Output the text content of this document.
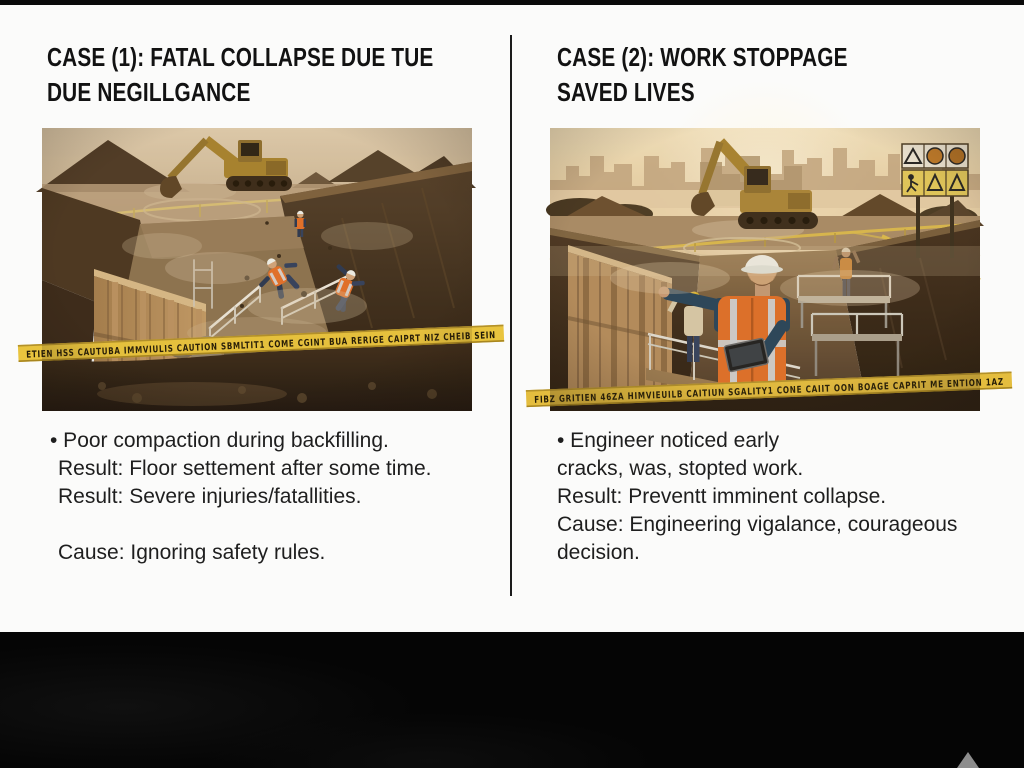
CASE (1): FATAL COLLAPSE DUE TUE
DUE NEGILLGANCE
CASE (2): WORK STOPPAGE
SAVED LIVES
• Poor compaction during backfilling.
Result: Floor settement after some time.
Result: Severe injuries/fatallities.
Cause: Ignoring safety rules.
• Engineer noticed early
cracks, was, stopted work.
Result: Preventt imminent collapse.
Cause: Engineering vigalance, courageous
decision.
